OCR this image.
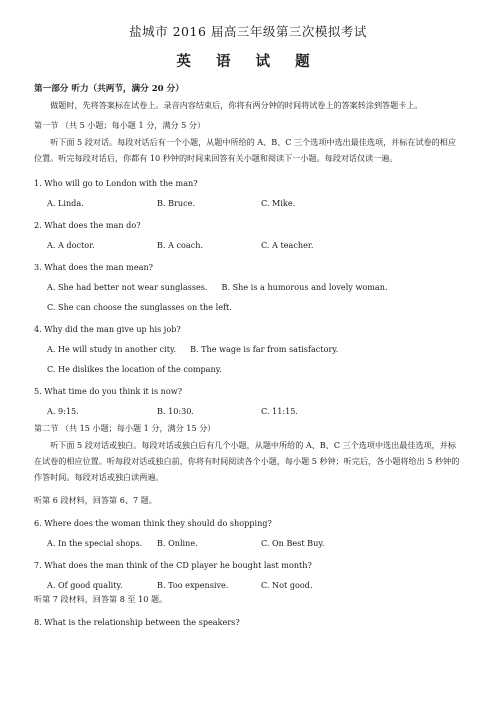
盐城市 2016 届高三年级第三次模拟考试
英 语 试 题
第一部分 听力（共两节，满分 20 分）
做题时，先将答案标在试卷上。录音内容结束后，你将有两分钟的时间将试卷上的答案转涂到答题卡上。
第一节 （共 5 小题；每小题 1 分，满分 5 分）
听下面 5 段对话。每段对话后有一个小题，从题中所给的 A、B、C 三个选项中选出最佳选项，并标在试卷的相应位置。听完每段对话后，你都有 10 秒钟的时间来回答有关小题和阅读下一小题。每段对话仅读一遍。
1. Who will go to London with the man?
A. Linda.	B. Bruce.	C. Mike.
2. What does the man do?
A. A doctor.	B. A coach.	C. A teacher.
3. What does the man mean?
A. She had better not wear sunglasses. B. She is a humorous and lovely woman.
C. She can choose the sunglasses on the left.
4. Why did the man give up his job?
A. He will study in another city. B. The wage is far from satisfactory.
C. He dislikes the location of the company.
5. What time do you think it is now?
A. 9:15.	B. 10:30.	C. 11:15.
第二节 （共 15 小题；每小题 1 分，满分 15 分）
听下面 5 段对话或独白。每段对话或独白后有几个小题，从题中所给的 A、B、C 三个选项中选出最佳选项，并标在试卷的相应位置。听每段对话或独白前，你将有时间阅读各个小题，每小题 5 秒钟；听完后，各小题将给出 5 秒钟的作答时间。每段对话或独白读两遍。
听第 6 段材料，回答第 6、7 题。
6. Where does the woman think they should do shopping?
A. In the special shops.	B. Online.	C. On Best Buy.
7. What does the man think of the CD player he bought last month?
A. Of good quality.	B. Too expensive.	C. Not good.
听第 7 段材料，回答第 8 至 10 题。
8. What is the relationship between the speakers?
